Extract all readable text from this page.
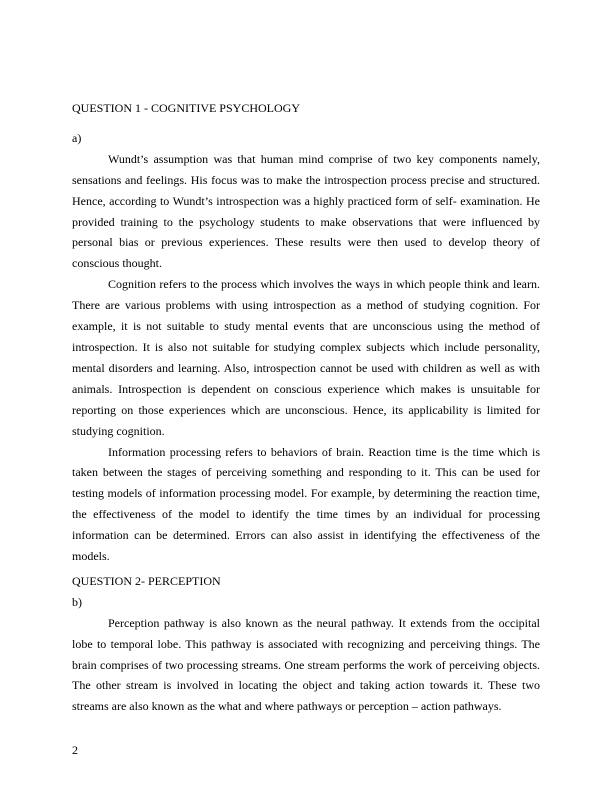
QUESTION 1 - COGNITIVE PSYCHOLOGY

a)

Wundt’s assumption was that human mind comprise of two key components namely, sensations and feelings. His focus was to make the introspection process precise and structured. Hence, according to Wundt’s introspection was a highly practiced form of self- examination. He provided training to the psychology students to make observations that were influenced by personal bias or previous experiences. These results were then used to develop theory of conscious thought.

Cognition refers to the process which involves the ways in which people think and learn. There are various problems with using introspection as a method of studying cognition. For example, it is not suitable to study mental events that are unconscious using the method of introspection. It is also not suitable for studying complex subjects which include personality, mental disorders and learning. Also, introspection cannot be used with children as well as with animals. Introspection is dependent on conscious experience which makes is unsuitable for reporting on those experiences which are unconscious. Hence, its applicability is limited for studying cognition.

Information processing refers to behaviors of brain. Reaction time is the time which is taken between the stages of perceiving something and responding to it. This can be used for testing models of information processing model. For example, by determining the reaction time, the effectiveness of the model to identify the time times by an individual for processing information can be determined. Errors can also assist in identifying the effectiveness of the models.

QUESTION 2- PERCEPTION

b)

Perception pathway is also known as the neural pathway. It extends from the occipital lobe to temporal lobe. This pathway is associated with recognizing and perceiving things. The brain comprises of two processing streams. One stream performs the work of perceiving objects. The other stream is involved in locating the object and taking action towards it. These two streams are also known as the what and where pathways or perception – action pathways.

2
